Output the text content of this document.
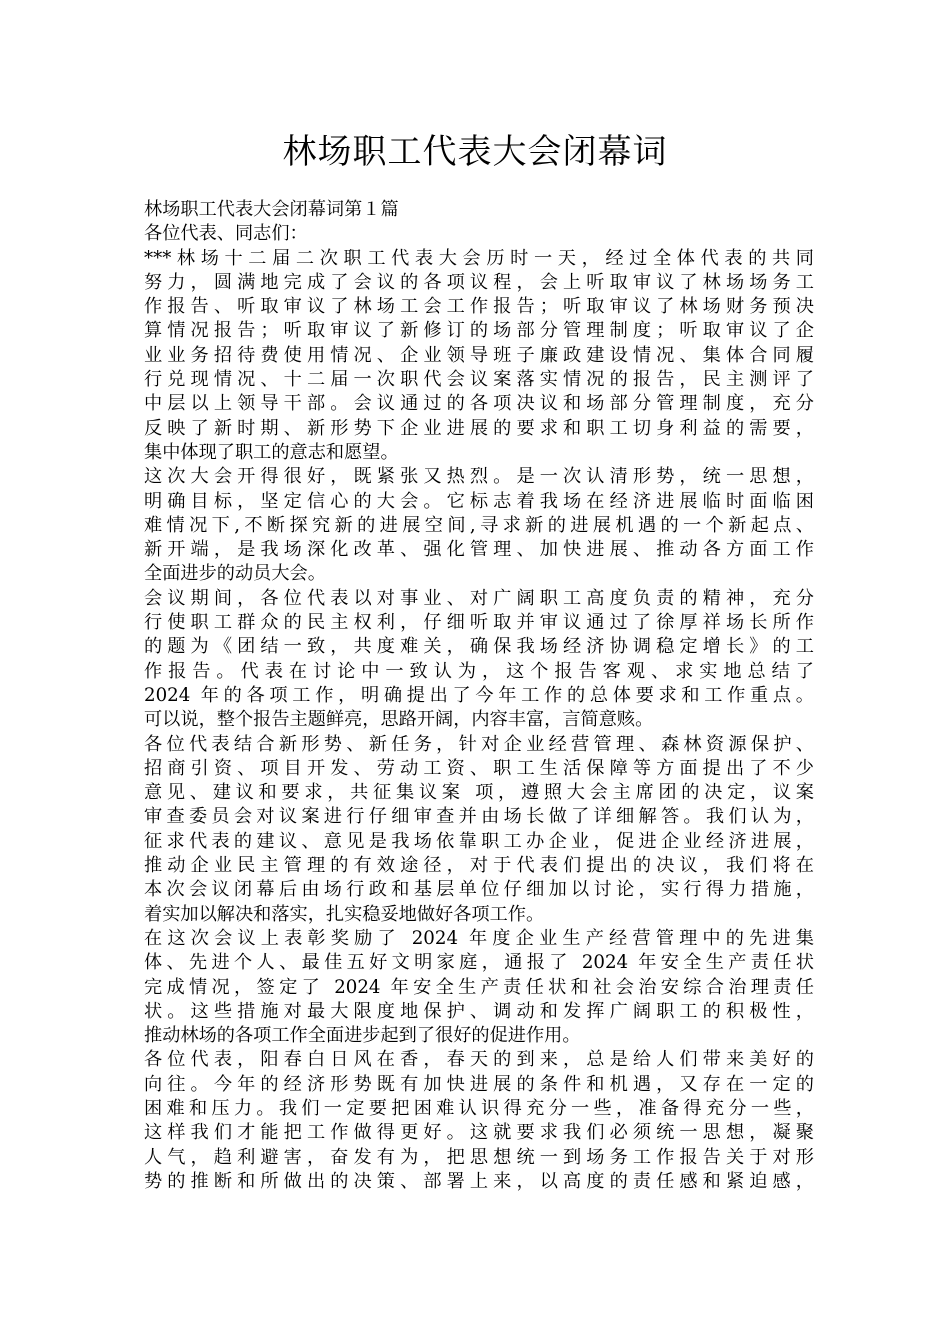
林场职工代表大会闭幕词
林场职工代表大会闭幕词第１篇
各位代表、同志们：
***林场十二届二次职工代表大会历时一天，经过全体代表的共同
努力，圆满地完成了会议的各项议程，会上听取审议了林场场务工
作报告、听取审议了林场工会工作报告；听取审议了林场财务预决
算情况报告；听取审议了新修订的场部分管理制度；听取审议了企
业业务招待费使用情况、企业领导班子廉政建设情况、集体合同履
行兑现情况、十二届一次职代会议案落实情况的报告，民主测评了
中层以上领导干部。会议通过的各项决议和场部分管理制度，充分
反映了新时期、新形势下企业进展的要求和职工切身利益的需要，
集中体现了职工的意志和愿望。
这次大会开得很好，既紧张又热烈。是一次认清形势，统一思想，
明确目标，坚定信心的大会。它标志着我场在经济进展临时面临困
难情况下,不断探究新的进展空间,寻求新的进展机遇的一个新起点、
新开端，是我场深化改革、强化管理、加快进展、推动各方面工作
全面进步的动员大会。
会议期间，各位代表以对事业、对广阔职工高度负责的精神，充分
行使职工群众的民主权利，仔细听取并审议通过了徐厚祥场长所作
的题为《团结一致，共度难关，确保我场经济协调稳定增长》的工
作报告。代表在讨论中一致认为，这个报告客观、求实地总结了
2024 年的各项工作，明确提出了今年工作的总体要求和工作重点。
可以说，整个报告主题鲜亮，思路开阔，内容丰富，言简意赅。
各位代表结合新形势、新任务，针对企业经营管理、森林资源保护、
招商引资、项目开发、劳动工资、职工生活保障等方面提出了不少
意见、建议和要求，共征集议案 项，遵照大会主席团的决定，议案
审查委员会对议案进行仔细审查并由场长做了详细解答。我们认为，
征求代表的建议、意见是我场依靠职工办企业，促进企业经济进展，
推动企业民主管理的有效途径，对于代表们提出的决议，我们将在
本次会议闭幕后由场行政和基层单位仔细加以讨论，实行得力措施，
着实加以解决和落实，扎实稳妥地做好各项工作。
在这次会议上表彰奖励了 2024 年度企业生产经营管理中的先进集
体、先进个人、最佳五好文明家庭，通报了 2024 年安全生产责任状
完成情况，签定了 2024 年安全生产责任状和社会治安综合治理责任
状。这些措施对最大限度地保护、调动和发挥广阔职工的积极性，
推动林场的各项工作全面进步起到了很好的促进作用。
各位代表，阳春白日风在香，春天的到来，总是给人们带来美好的
向往。今年的经济形势既有加快进展的条件和机遇，又存在一定的
困难和压力。我们一定要把困难认识得充分一些，准备得充分一些，
这样我们才能把工作做得更好。这就要求我们必须统一思想，凝聚
人气，趋利避害，奋发有为，把思想统一到场务工作报告关于对形
势的推断和所做出的决策、部署上来，以高度的责任感和紧迫感，
